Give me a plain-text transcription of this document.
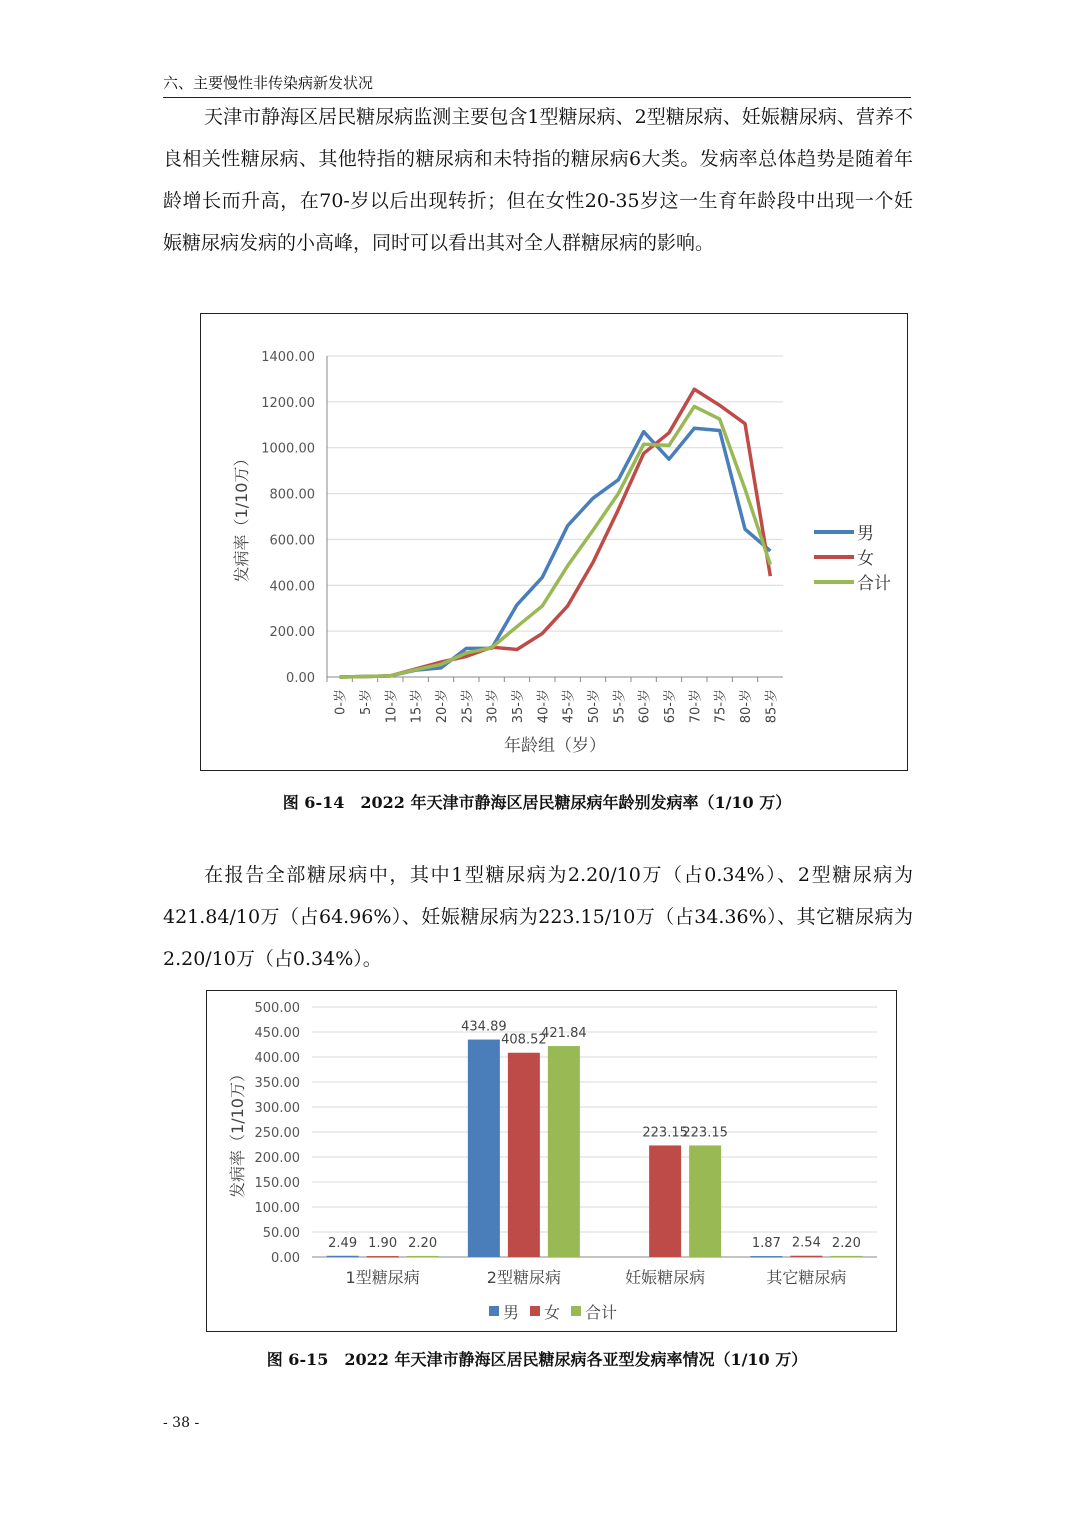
六、主要慢性非传染病新发状况

天津市静海区居民糖尿病监测主要包含1型糖尿病、2型糖尿病、妊娠糖尿病、营养不良相关性糖尿病、其他特指的糖尿病和未特指的糖尿病6大类。发病率总体趋势是随着年龄增长而升高，在70-岁以后出现转折；但在女性20-35岁这一生育年龄段中出现一个妊娠糖尿病发病的小高峰，同时可以看出其对全人群糖尿病的影响。

0.00
200.00
400.00
600.00
800.00
1000.00
1200.00
1400.00
0-岁 5-岁 10-岁 15-岁 20-岁 25-岁 30-岁 35-岁 40-岁 45-岁 50-岁 55-岁 60-岁 65-岁 70-岁 75-岁 80-岁 85-岁
发病率（1/10万）
年龄组（岁）
男
女
合计
图 6-14　2022 年天津市静海区居民糖尿病年龄别发病率（1/10 万）

在报告全部糖尿病中，其中1型糖尿病为2.20/10万（占0.34%）、2型糖尿病为421.84/10万（占64.96%）、妊娠糖尿病为223.15/10万（占34.36%）、其它糖尿病为2.20/10万（占0.34%）。

0.00
50.00
100.00
150.00
200.00
250.00
300.00
350.00
400.00
450.00
500.00
发病率（1/10万）
2.49 1.90 2.20
1型糖尿病
434.89
408.52
421.84
2型糖尿病
223.15
223.15
妊娠糖尿病
1.87 2.54 2.20
其它糖尿病
男 女 合计
图 6-15　2022 年天津市静海区居民糖尿病各亚型发病率情况（1/10 万）
- 38 -
